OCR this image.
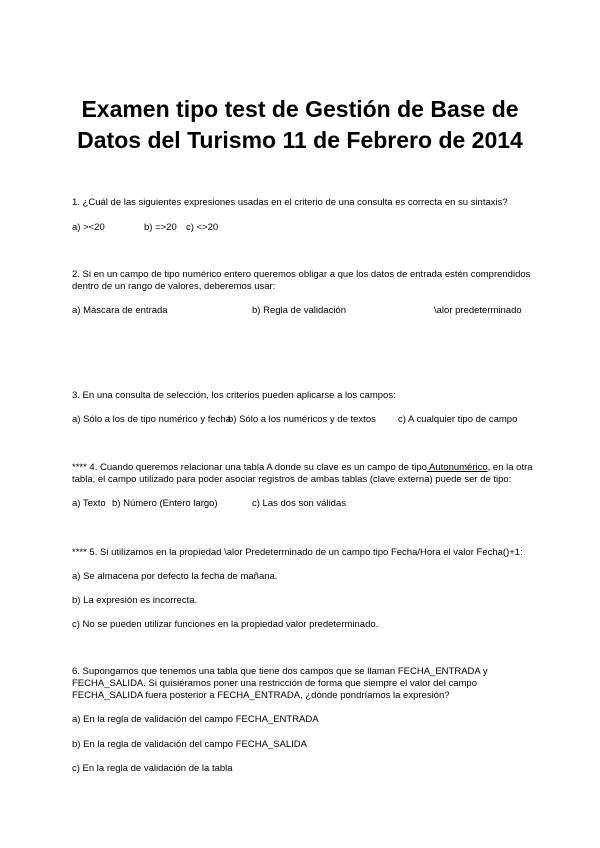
Examen tipo test de Gestión de Base de
Datos del Turismo 11 de Febrero de 2014
1. ¿Cuál de las siguientes expresiones usadas en el criterio de una consulta es correcta en su sintaxis?
a) ><20	b) =>20 c) <>20
2. Si en un campo de tipo numérico entero queremos obligar a que los datos de entrada estén comprendidos
dentro de un rango de valores, deberemos usar:
a) Máscara de entrada	b) Regla de validación	\alor predeterminado
3. En una consulta de selección, los criterios pueden aplicarse a los campos:
a) Sólo a los de tipo numérico y fecha
b) Sólo a los numéricos y de textos c) A cualquier tipo de campo
**** 4. Cuando queremos relacionar una tabla A donde su clave es un campo de tipo Autonumérico, en la otra
tabla, el campo utilizado para poder asociar registros de ambas tablas (clave externa) puede ser de tipo:
a) Texto b) Número (Entero largo)	c) Las dos son válidas
**** 5. Si utilizamos en la propiedad \alor Predeterminado de un campo tipo Fecha/Hora el valor Fecha()+1:
a) Se almacena por defecto la fecha de mañana.
b) La expresión es incorrecta.
c) No se pueden utilizar funciones en la propiedad valor predeterminado.
6. Supongamos que tenemos una tabla que tiene dos campos que se llaman FECHA_ENTRADA y
FECHA_SALIDA. Si quisiéramos poner una restricción de forma que siempre el valor del campo
FECHA_SALIDA fuera posterior a FECHA_ENTRADA, ¿dónde pondríamos la expresión?
a) En la regla de validación del campo FECHA_ENTRADA
b) En la regla de validación del campo FECHA_SALIDA
c) En la regla de validación de la tabla
